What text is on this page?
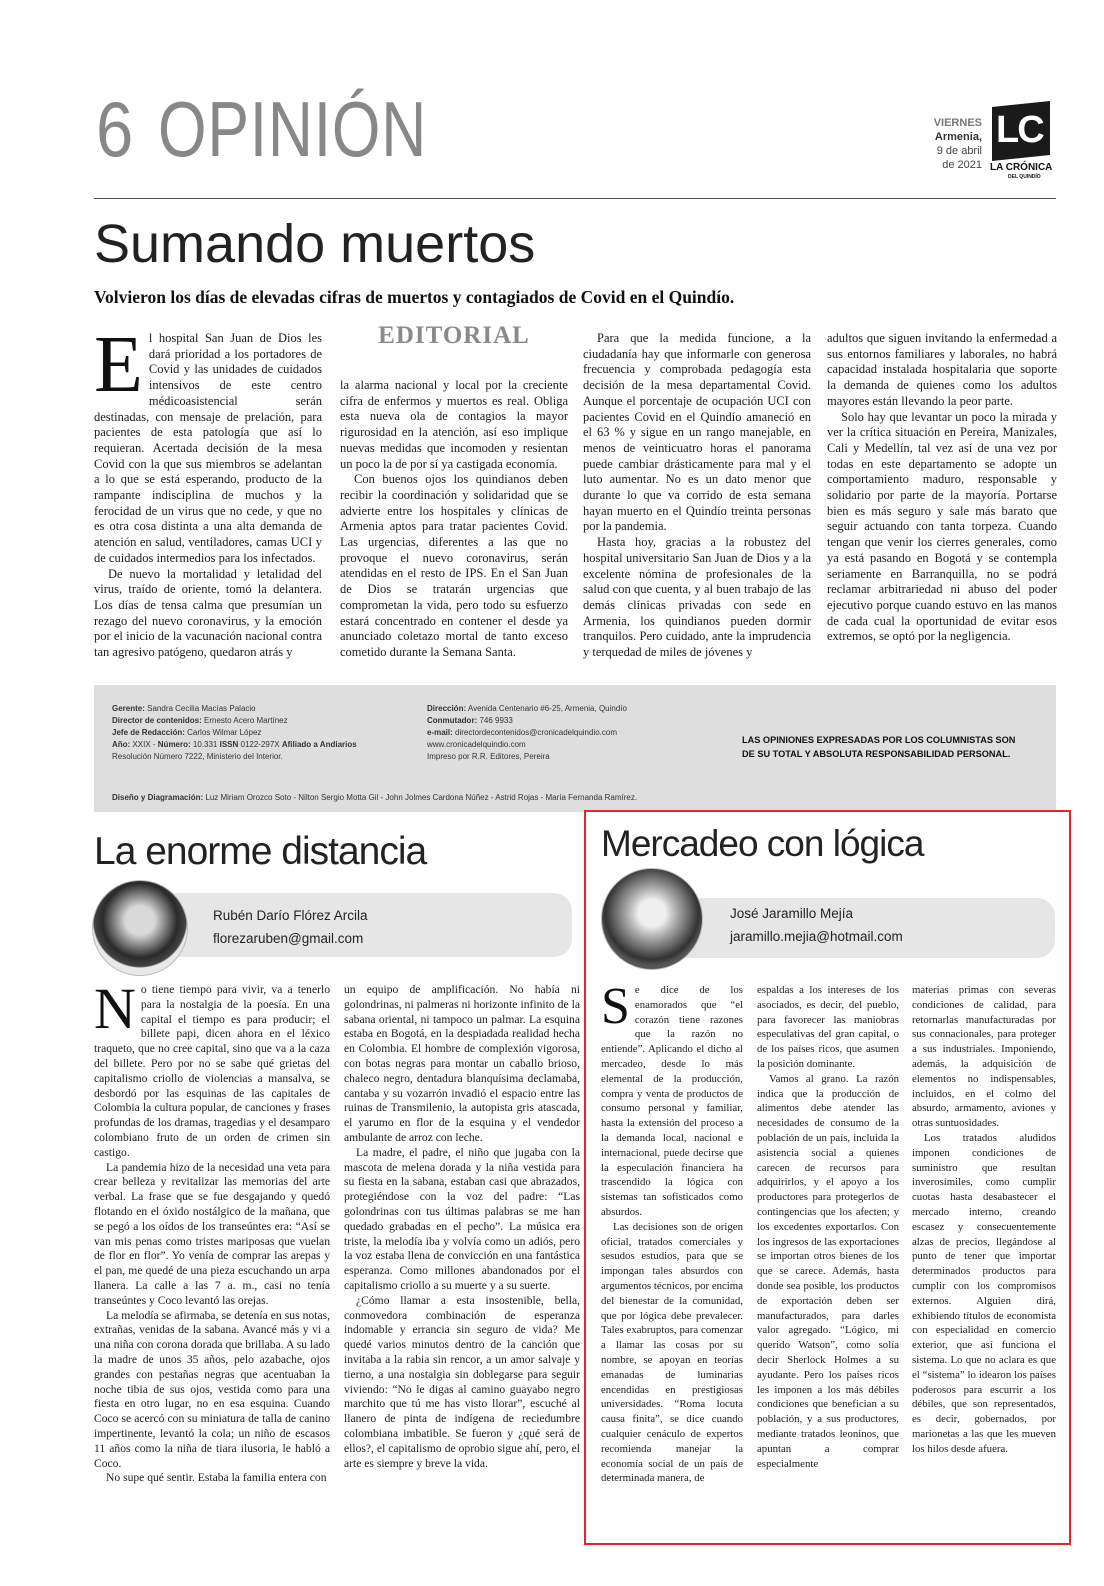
6 OPINIÓN	VIERNES
Armenia,
9 de abril
de 2021
LC
LA CRÓNICA
DEL QUINDÍO
Sumando muertos
Volvieron los días de elevadas cifras de muertos y contagiados de Covid en el Quindío.
E l hospital San Juan de Dios les dará prioridad a los portadores de Covid y las unidades de cuidados intensivos de este centro médicoasistencial serán destinadas, con mensaje de prelación, para pacientes de esta patología que así lo requieran. Acertada decisión de la mesa Covid con la que sus miembros se adelantan a lo que se está esperando, producto de la rampante indisciplina de muchos y la ferocidad de un virus que no cede, y que no es otra cosa distinta a una alta demanda de atención en salud, ventiladores, camas UCI y de cuidados intermedios para los infectados.

De nuevo la mortalidad y letalidad del virus, traído de oriente, tomó la delantera. Los días de tensa calma que presumían un rezago del nuevo coronavirus, y la emoción por el inicio de la vacunación nacional contra tan agresivo patógeno, quedaron atrás y

EDITORIAL

la alarma nacional y local por la creciente cifra de enfermos y muertos es real. Obliga esta nueva ola de contagios la mayor rigurosidad en la atención, así eso implique nuevas medidas que incomoden y resientan un poco la de por sí ya castigada economía.

Con buenos ojos los quindianos deben recibir la coordinación y solidaridad que se advierte entre los hospitales y clínicas de Armenia aptos para tratar pacientes Covid. Las urgencias, diferentes a las que no provoque el nuevo coronavirus, serán atendidas en el resto de IPS. En el San Juan de Dios se tratarán urgencias que comprometan la vida, pero todo su esfuerzo estará concentrado en contener el desde ya anunciado coletazo mortal de tanto exceso cometido durante la Semana Santa.

Para que la medida funcione, a la ciudadanía hay que informarle con generosa frecuencia y comprobada pedagogía esta decisión de la mesa departamental Covid. Aunque el porcentaje de ocupación UCI con pacientes Covid en el Quindío amaneció en el 63 % y sigue en un rango manejable, en menos de veinticuatro horas el panorama puede cambiar drásticamente para mal y el luto aumentar. No es un dato menor que durante lo que va corrido de esta semana hayan muerto en el Quindío treinta personas por la pandemia.

Hasta hoy, gracias a la robustez del hospital universitario San Juan de Dios y a la excelente nómina de profesionales de la salud con que cuenta, y al buen trabajo de las demás clínicas privadas con sede en Armenia, los quindianos pueden dormir tranquilos. Pero cuidado, ante la imprudencia y terquedad de miles de jóvenes y

adultos que siguen invitando la enfermedad a sus entornos familiares y laborales, no habrá capacidad instalada hospitalaria que soporte la demanda de quienes como los adultos mayores están llevando la peor parte.

Solo hay que levantar un poco la mirada y ver la crítica situación en Pereira, Manizales, Cali y Medellín, tal vez así de una vez por todas en este departamento se adopte un comportamiento maduro, responsable y solidario por parte de la mayoría. Portarse bien es más seguro y sale más barato que seguir actuando con tanta torpeza. Cuando tengan que venir los cierres generales, como ya está pasando en Bogotá y se contempla seriamente en Barranquilla, no se podrá reclamar arbitrariedad ni abuso del poder ejecutivo porque cuando estuvo en las manos de cada cual la oportunidad de evitar esos extremos, se optó por la negligencia.

Gerente: Sandra Cecilia Macías Palacio
Director de contenidos: Ernesto Acero Martínez
Jefe de Redacción: Carlos Wilmar López
Año: XXIX - Número: 10.331 ISSN 0122-297X Afiliado a Andiarios
Resolución Número 7222, Ministerio del Interior.
Dirección: Avenida Centenario #6-25, Armenia, Quindío
Conmutador: 746 9933
e-mail: directordecontenidos@cronicadelquindio.com
www.cronicadelquindio.com
Impreso por R.R. Editores, Pereira
Diseño y Diagramación: Luz Miriam Orozco Soto - Nilton Sergio Motta Gil - John Jolmes Cardona Núñez - Astrid Rojas - María Fernanda Ramírez.
LAS OPINIONES EXPRESADAS POR LOS COLUMNISTAS SON
DE SU TOTAL Y ABSOLUTA RESPONSABILIDAD PERSONAL.
La enorme distancia
Rubén Darío Flórez Arcila
florezaruben@gmail.com
N o tiene tiempo para vivir, va a tenerlo para la nostalgia de la poesía. En una capital el tiempo es para producir; el billete papi, dicen ahora en el léxico traqueto, que no cree capital, sino que va a la caza del billete. Pero por no se sabe qué grietas del capitalismo criollo de violencias a mansalva, se desbordó por las esquinas de las capitales de Colombia la cultura popular, de canciones y frases profundas de los dramas, tragedias y el desamparo colombiano fruto de un orden de crimen sin castigo.

La pandemia hizo de la necesidad una veta para crear belleza y revitalizar las memorias del arte verbal. La frase que se fue desgajando y quedó flotando en el óxido nostálgico de la mañana, que se pegó a los oídos de los transeúntes era: “Así se van mis penas como tristes mariposas que vuelan de flor en flor”. Yo venía de comprar las arepas y el pan, me quedé de una pieza escuchando un arpa llanera. La calle a las 7 a. m., casi no tenía transeúntes y Coco levantó las orejas.

La melodía se afirmaba, se detenía en sus notas, extrañas, venidas de la sabana. Avancé más y vi a una niña con corona dorada que brillaba. A su lado la madre de unos 35 años, pelo azabache, ojos grandes con pestañas negras que acentuaban la noche tibia de sus ojos, vestida como para una fiesta en otro lugar, no en esa esquina. Cuando Coco se acercó con su miniatura de talla de canino impertinente, levantó la cola; un niño de escasos 11 años como la niña de tiara ilusoria, le habló a Coco.

No supe qué sentir. Estaba la familia entera con

un equipo de amplificación. No había ni golondrinas, ni palmeras ni horizonte infinito de la sabana oriental, ni tampoco un palmar. La esquina estaba en Bogotá, en la despiadada realidad hecha en Colombia. El hombre de complexión vigorosa, con botas negras para montar un caballo brioso, chaleco negro, dentadura blanquísima declamaba, cantaba y su vozarrón invadió el espacio entre las ruinas de Transmilenio, la autopista gris atascada, el yarumo en flor de la esquina y el vendedor ambulante de arroz con leche.

La madre, el padre, el niño que jugaba con la mascota de melena dorada y la niña vestida para su fiesta en la sabana, estaban casi que abrazados, protegiéndose con la voz del padre: “Las golondrinas con tus últimas palabras se me han quedado grabadas en el pecho”. La música era triste, la melodía iba y volvía como un adiós, pero la voz estaba llena de convicción en una fantástica esperanza. Como millones abandonados por el capitalismo criollo a su muerte y a su suerte.

¿Cómo llamar a esta insostenible, bella, conmovedora combinación de esperanza indomable y errancia sin seguro de vida? Me quedé varios minutos dentro de la canción que invitaba a la rabia sin rencor, a un amor salvaje y tierno, a una nostalgia sin doblegarse para seguir viviendo: “No le digas al camino guayabo negro marchito que tú me has visto llorar”, escuché al llanero de pinta de indígena de reciedumbre colombiana imbatible. Se fueron y ¿qué será de ellos?, el capitalismo de oprobio sigue ahí, pero, el arte es siempre y breve la vida.

Mercadeo con lógica
José Jaramillo Mejía
jaramillo.mejia@hotmail.com
S e dice de los enamorados que “el corazón tiene razones que la razón no entiende”. Aplicando el dicho al mercadeo, desde lo más elemental de la producción, compra y venta de productos de consumo personal y familiar, hasta la extensión del proceso a la demanda local, nacional e internacional, puede decirse que la especulación financiera ha trascendido la lógica con sistemas tan sofisticados como absurdos.

Las decisiones son de origen oficial, tratados comerciales y sesudos estudios, para que se impongan tales absurdos con argumentos técnicos, por encima del bienestar de la comunidad, que por lógica debe prevalecer. Tales exabruptos, para comenzar a llamar las cosas por su nombre, se apoyan en teorías emanadas de luminarias encendidas en prestigiosas universidades. “Roma locuta causa finita”, se dice cuando cualquier cenáculo de expertos recomienda manejar la economía social de un país de determinada manera, de

espaldas a los intereses de los asociados, es decir, del pueblo, para favorecer las maniobras especulativas del gran capital, o de los países ricos, que asumen la posición dominante.

Vamos al grano. La razón indica que la producción de alimentos debe atender las necesidades de consumo de la población de un país, incluida la asistencia social a quienes carecen de recursos para adquirirlos, y el apoyo a los productores para protegerlos de contingencias que los afecten; y los excedentes exportarlos. Con los ingresos de las exportaciones se importan otros bienes de los que se carece. Además, hasta donde sea posible, los productos de exportación deben ser manufacturados, para darles valor agregado. “Lógico, mi querido Watson”, como solía decir Sherlock Holmes a su ayudante. Pero los países ricos les imponen a los más débiles condiciones que benefician a su población, y a sus productores, mediante tratados leoninos, que apuntan a comprar especialmente

materias primas con severas condiciones de calidad, para retornarlas manufacturadas por sus connacionales, para proteger a sus industriales. Imponiendo, además, la adquisición de elementos no indispensables, incluidos, en el colmo del absurdo, armamento, aviones y otras suntuosidades.

Los tratados aludidos imponen condiciones de suministro que resultan inverosímiles, como cumplir cuotas hasta desabastecer el mercado interno, creando escasez y consecuentemente alzas de precios, llegándose al punto de tener que importar determinados productos para cumplir con los compromisos externos. Alguien dirá, exhibiendo títulos de economista con especialidad en comercio exterior, que así funciona el sistema. Lo que no aclara es que el “sistema” lo idearon los países poderosos para escurrir a los débiles, que son representados, es decir, gobernados, por marionetas a las que les mueven los hilos desde afuera.
